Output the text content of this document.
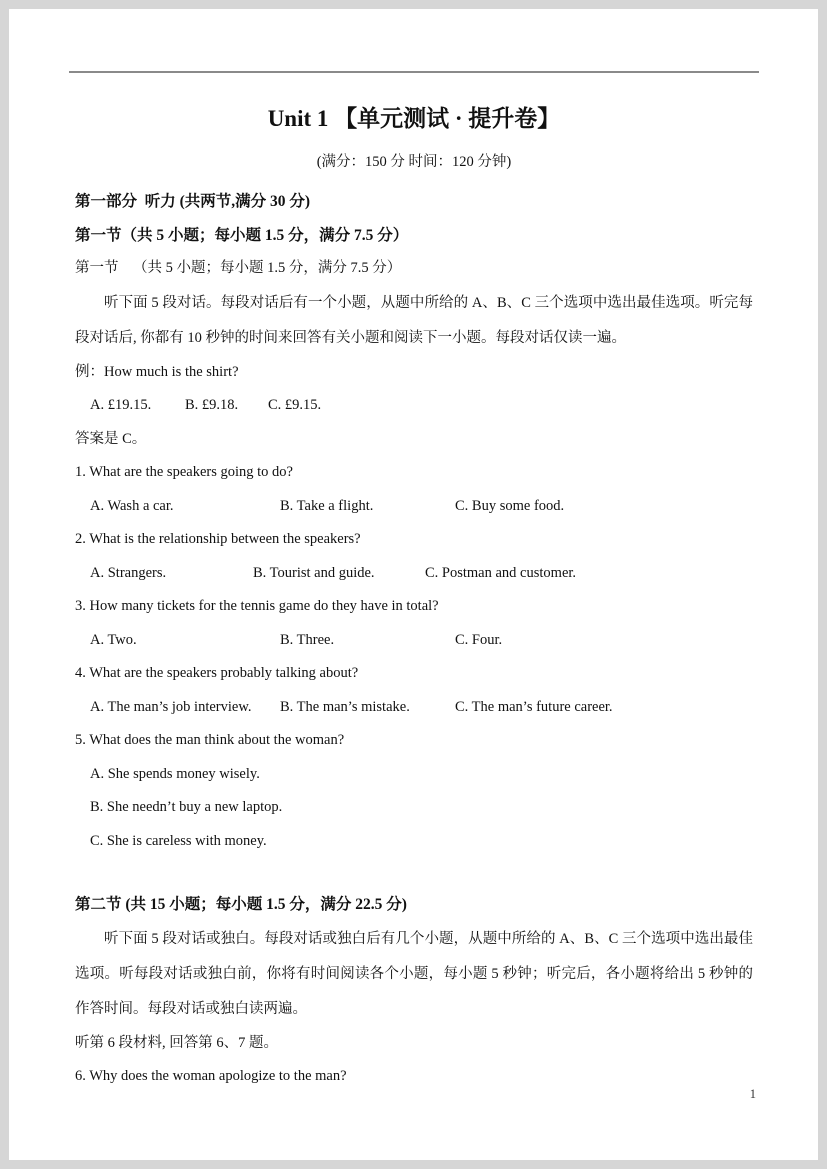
Unit 1 【单元测试 · 提升卷】
(满分：150 分 时间：120 分钟)
第一部分  听力 (共两节,满分 30 分)
第一节（共 5 小题；每小题 1.5 分，满分 7.5 分）
第一节    （共 5 小题；每小题 1.5 分，满分 7.5 分）
听下面 5 段对话。每段对话后有一个小题，从题中所给的 A、B、C 三个选项中选出最佳选项。听完每段对话后, 你都有 10 秒钟的时间来回答有关小题和阅读下一小题。每段对话仅读一遍。
例：How much is the shirt?
A. £19.15.	B. £9.18.	C. £9.15.
答案是 C。
1. What are the speakers going to do?
A. Wash a car.	B. Take a flight.	C. Buy some food.
2. What is the relationship between the speakers?
A. Strangers.	B. Tourist and guide.	C. Postman and customer.
3. How many tickets for the tennis game do they have in total?
A. Two.	B. Three.	C. Four.
4. What are the speakers probably talking about?
A. The man’s job interview.	B. The man’s mistake.	C. The man’s future career.
5. What does the man think about the woman?
A. She spends money wisely.
B. She needn’t buy a new laptop.
C. She is careless with money.
第二节 (共 15 小题；每小题 1.5 分，满分 22.5 分)
听下面 5 段对话或独白。每段对话或独白后有几个小题，从题中所给的 A、B、C 三个选项中选出最佳选项。听每段对话或独白前，你将有时间阅读各个小题，每小题 5 秒钟；听完后，各小题将给出 5 秒钟的作答时间。每段对话或独白读两遍。
听第 6 段材料, 回答第 6、7 题。
6. Why does the woman apologize to the man?
1
